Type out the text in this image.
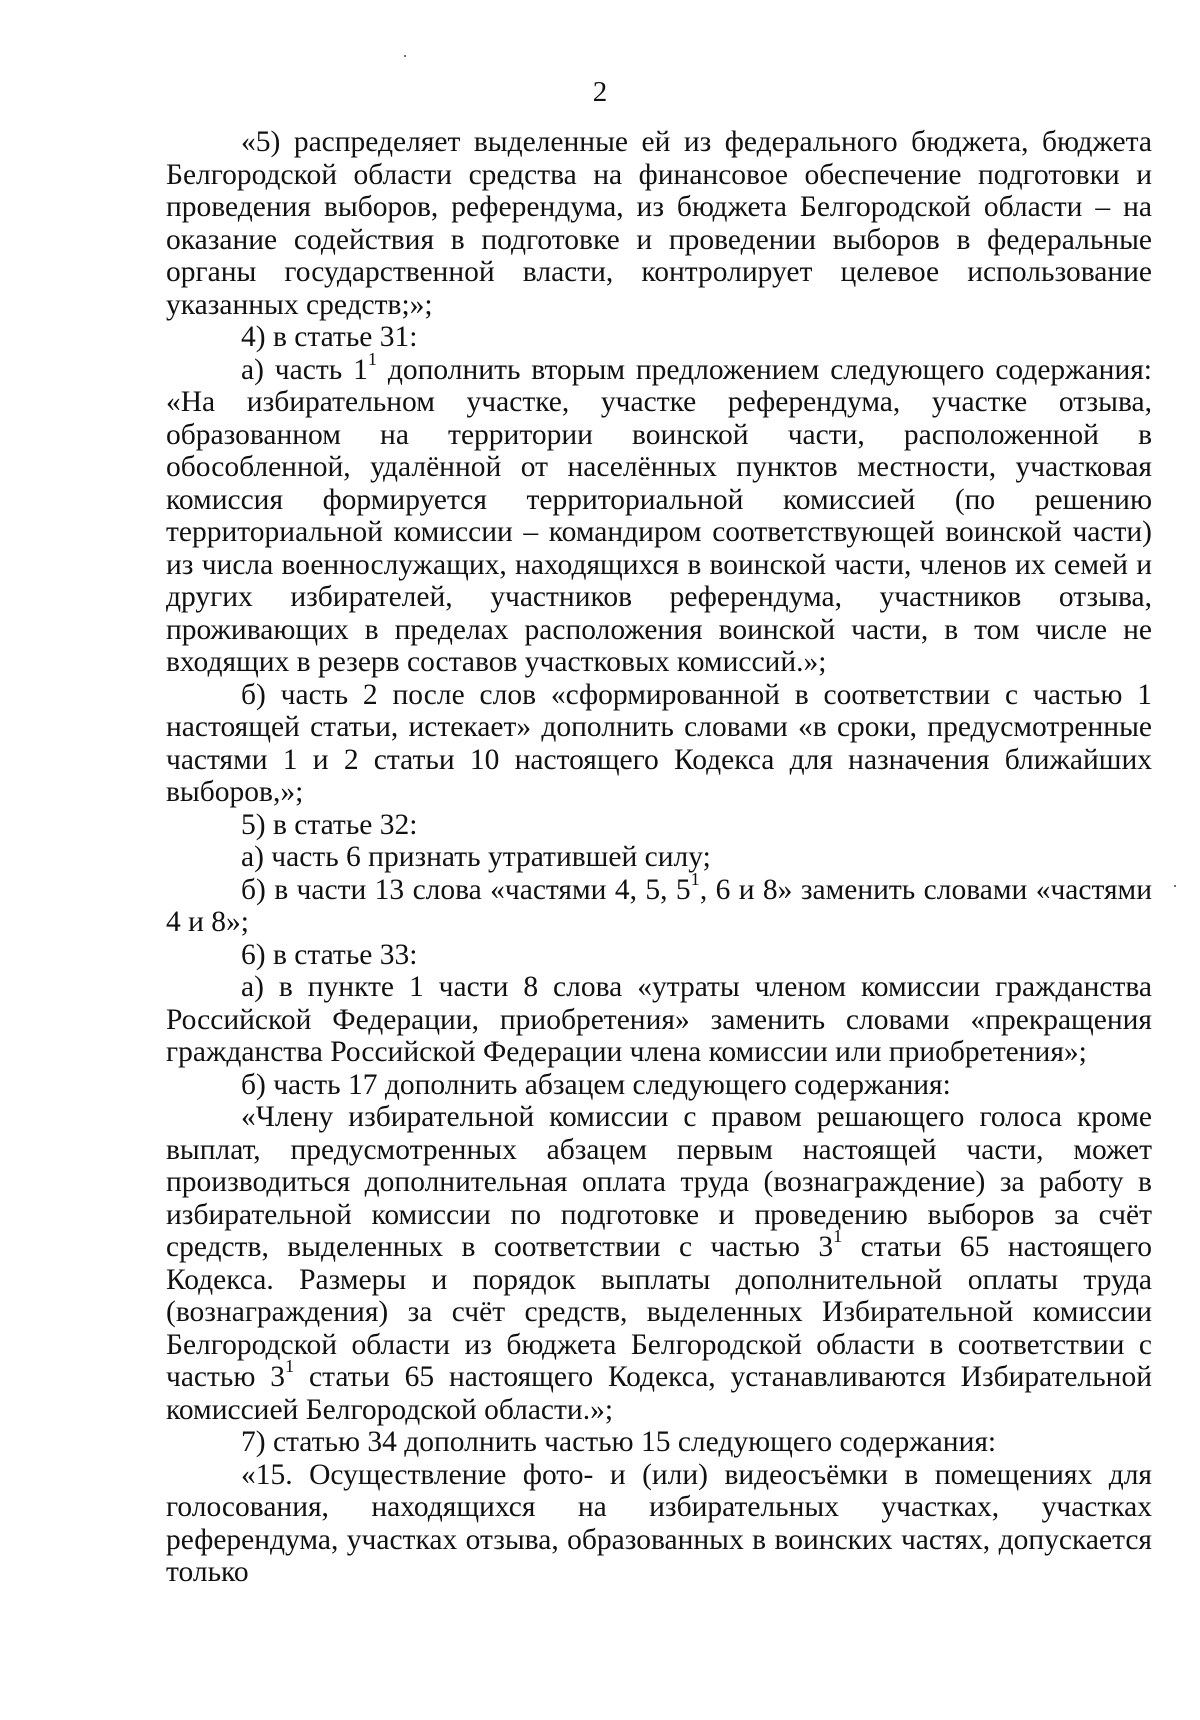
2

«5) распределяет выделенные ей из федерального бюджета, бюджета Белгородской области средства на финансовое обеспечение подготовки и проведения выборов, референдума, из бюджета Белгородской области – на оказание содействия в подготовке и проведении выборов в федеральные органы государственной власти, контролирует целевое использование указанных средств;»;

4) в статье 31:

а) часть $1^1$ дополнить вторым предложением следующего содержания: «На избирательном участке, участке референдума, участке отзыва, образованном на территории воинской части, расположенной в обособленной, удалённой от населённых пунктов местности, участковая комиссия формируется территориальной комиссией (по решению территориальной комиссии – командиром соответствующей воинской части) из числа военнослужащих, находящихся в воинской части, членов их семей и других избирателей, участников референдума, участников отзыва, проживающих в пределах расположения воинской части, в том числе не входящих в резерв составов участковых комиссий.»;

б) часть 2 после слов «сформированной в соответствии с частью 1 настоящей статьи, истекает» дополнить словами «в сроки, предусмотренные частями 1 и 2 статьи 10 настоящего Кодекса для назначения ближайших выборов,»;

5) в статье 32:

а) часть 6 признать утратившей силу;

б) в части 13 слова «частями 4, 5, $5^1$, 6 и 8» заменить словами «частями 4 и 8»;

6) в статье 33:

а) в пункте 1 части 8 слова «утраты членом комиссии гражданства Российской Федерации, приобретения» заменить словами «прекращения гражданства Российской Федерации члена комиссии или приобретения»;

б) часть 17 дополнить абзацем следующего содержания:

«Члену избирательной комиссии с правом решающего голоса кроме выплат, предусмотренных абзацем первым настоящей части, может производиться дополнительная оплата труда (вознаграждение) за работу в избирательной комиссии по подготовке и проведению выборов за счёт средств, выделенных в соответствии с частью $3^1$ статьи 65 настоящего Кодекса. Размеры и порядок выплаты дополнительной оплаты труда (вознаграждения) за счёт средств, выделенных Избирательной комиссии Белгородской области из бюджета Белгородской области в соответствии с частью $3^1$ статьи 65 настоящего Кодекса, устанавливаются Избирательной комиссией Белгородской области.»;

7) статью 34 дополнить частью 15 следующего содержания:

«15. Осуществление фото- и (или) видеосъёмки в помещениях для голосования, находящихся на избирательных участках, участках референдума, участках отзыва, образованных в воинских частях, допускается только
